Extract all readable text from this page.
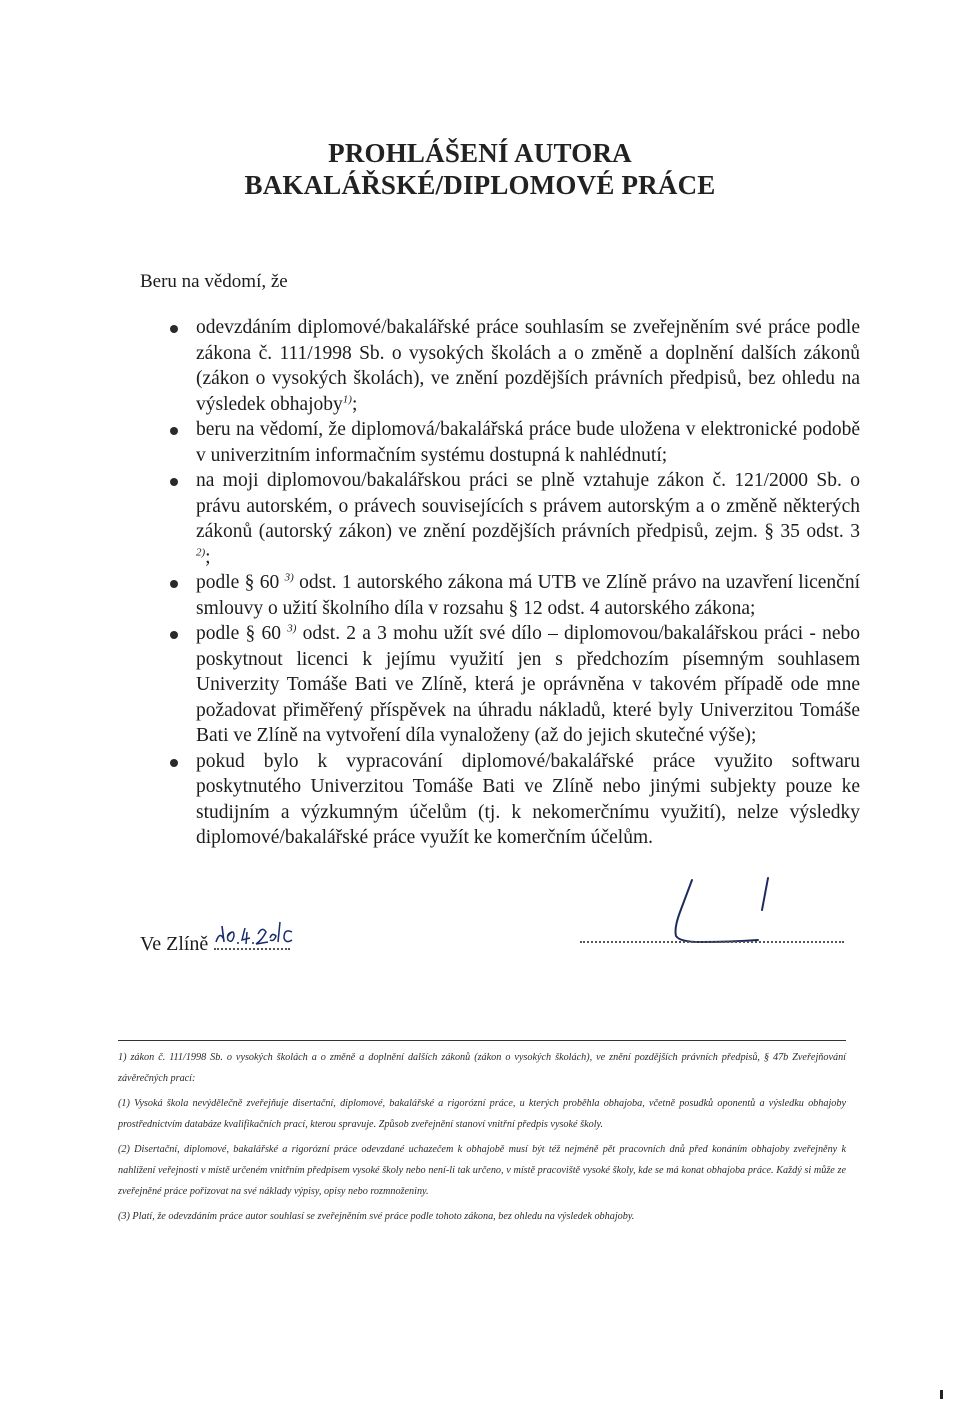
PROHLÁŠENÍ AUTORA
BAKALÁŘSKÉ/DIPLOMOVÉ PRÁCE
Beru na vědomí, že
odevzdáním diplomové/bakalářské práce souhlasím se zveřejněním své práce podle zákona č. 111/1998 Sb. o vysokých školách a o změně a doplnění dalších zákonů (zákon o vysokých školách), ve znění pozdějších právních předpisů, bez ohledu na výsledek obhajoby$^{1)}$;
beru na vědomí, že diplomová/bakalářská práce bude uložena v elektronické podobě v univerzitním informačním systému dostupná k nahlédnutí;
na moji diplomovou/bakalářskou práci se plně vztahuje zákon č. 121/2000 Sb. o právu autorském, o právech souvisejících s právem autorským a o změně některých zákonů (autorský zákon) ve znění pozdějších právních předpisů, zejm. § 35 odst. 3 $^{2)}$;
podle § 60 $^{3)}$ odst. 1 autorského zákona má UTB ve Zlíně právo na uzavření licenční smlouvy o užití školního díla v rozsahu § 12 odst. 4 autorského zákona;
podle § 60 $^{3)}$ odst. 2 a 3 mohu užít své dílo – diplomovou/bakalářskou práci - nebo poskytnout licenci k jejímu využití jen s předchozím písemným souhlasem Univerzity Tomáše Bati ve Zlíně, která je oprávněna v takovém případě ode mne požadovat přiměřený příspěvek na úhradu nákladů, které byly Univerzitou Tomáše Bati ve Zlíně na vytvoření díla vynaloženy (až do jejich skutečné výše);
pokud bylo k vypracování diplomové/bakalářské práce využito softwaru poskytnutého Univerzitou Tomáše Bati ve Zlíně nebo jinými subjekty pouze ke studijním a výzkumným účelům (tj. k nekomerčnímu využití), nelze výsledky diplomové/bakalářské práce využít ke komerčním účelům.
Ve Zlíně

1) zákon č. 111/1998 Sb. o vysokých školách a o změně a doplnění dalších zákonů (zákon o vysokých školách), ve znění pozdějších právních předpisů, § 47b Zveřejňování závěrečných prací:

(1) Vysoká škola nevýdělečně zveřejňuje disertační, diplomové, bakalářské a rigorózní práce, u kterých proběhla obhajoba, včetně posudků oponentů a výsledku obhajoby prostřednictvím databáze kvalifikačních prací, kterou spravuje. Způsob zveřejnění stanoví vnitřní předpis vysoké školy.

(2) Disertační, diplomové, bakalářské a rigorózní práce odevzdané uchazečem k obhajobě musí být též nejméně pět pracovních dnů před konáním obhajoby zveřejněny k nahlížení veřejnosti v místě určeném vnitřním předpisem vysoké školy nebo není-li tak určeno, v místě pracoviště vysoké školy, kde se má konat obhajoba práce. Každý si může ze zveřejněné práce pořizovat na své náklady výpisy, opisy nebo rozmnoženiny.

(3) Platí, že odevzdáním práce autor souhlasí se zveřejněním své práce podle tohoto zákona, bez ohledu na výsledek obhajoby.
